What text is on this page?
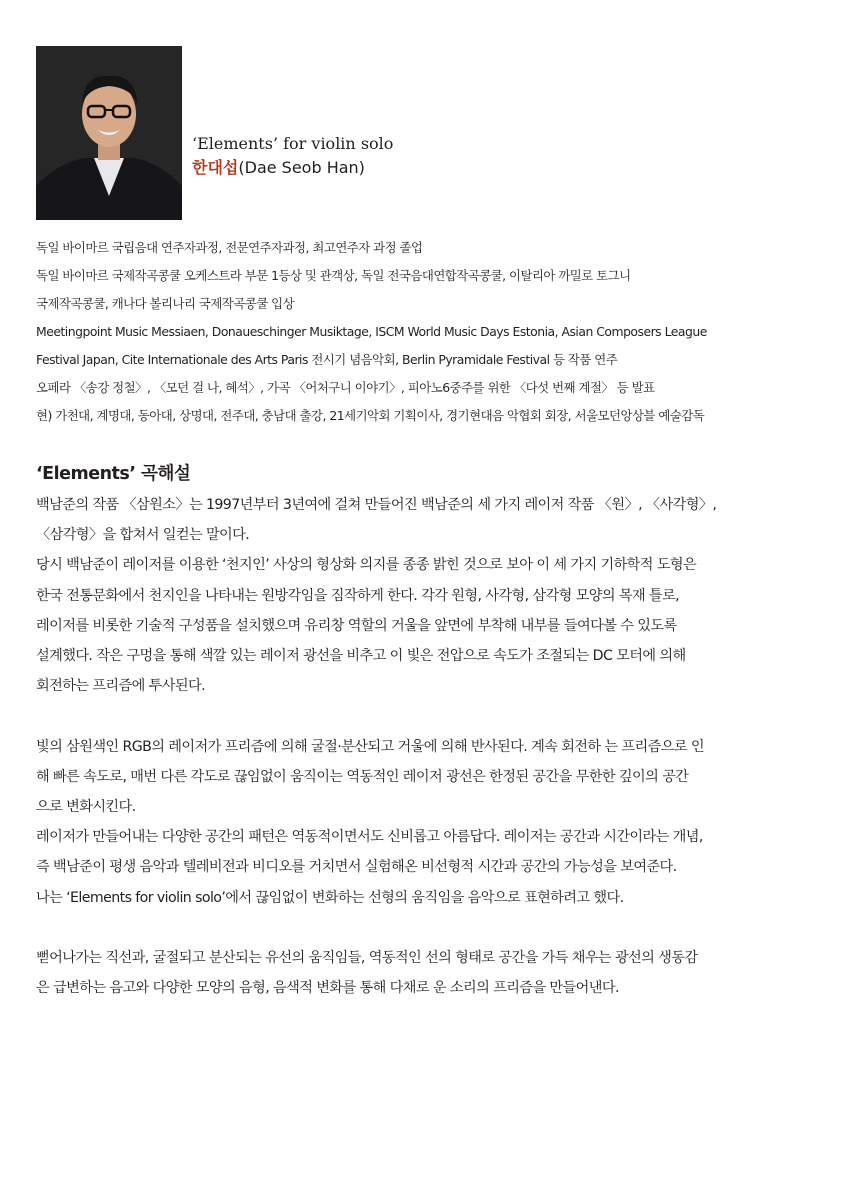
‘Elements’ for violin solo
한대섭(Dae Seob Han)
독일 바이마르 국립음대 연주자과정, 전문연주자과정, 최고연주자 과정 졸업
독일 바이마르 국제작곡콩쿨 오케스트라 부문 1등상 및 관객상, 독일 전국음대연합작곡콩쿨, 이탈리아 까밀로 토그니
국제작곡콩쿨, 캐나다 볼리나리 국제작곡콩쿨 입상
Meetingpoint Music Messiaen, Donaueschinger Musiktage, ISCM World Music Days Estonia, Asian Composers League
Festival Japan, Cite Internationale des Arts Paris 전시기 념음악회, Berlin Pyramidale Festival 등 작품 연주
오페라 〈송강 정철〉, 〈모던 걸 나, 혜석〉, 가곡 〈어처구니 이야기〉, 피아노6중주를 위한 〈다섯 번째 계절〉 등 발표
현) 가천대, 계명대, 동아대, 상명대, 전주대, 충남대 출강, 21세기악회 기획이사, 경기현대음 악협회 회장, 서울모던앙상블 예술감독
‘Elements’ 곡해설
백남준의 작품 〈삼원소〉는 1997년부터 3년여에 걸쳐 만들어진 백남준의 세 가지 레이저 작품 〈원〉, 〈사각형〉,
〈삼각형〉을 합쳐서 일컫는 말이다.
당시 백남준이 레이저를 이용한 ‘천지인’ 사상의 형상화 의지를 종종 밝힌 것으로 보아 이 세 가지 기하학적 도형은
한국 전통문화에서 천지인을 나타내는 원방각임을 짐작하게 한다. 각각 원형, 사각형, 삼각형 모양의 목재 틀로,
레이저를 비롯한 기술적 구성품을 설치했으며 유리창 역할의 거울을 앞면에 부착해 내부를 들여다볼 수 있도록
설계했다. 작은 구멍을 통해 색깔 있는 레이저 광선을 비추고 이 빛은 전압으로 속도가 조절되는 DC 모터에 의해
회전하는 프리즘에 투사된다.
빛의 삼원색인 RGB의 레이저가 프리즘에 의해 굴절·분산되고 거울에 의해 반사된다. 계속 회전하 는 프리즘으로 인
해 빠른 속도로, 매번 다른 각도로 끊임없이 움직이는 역동적인 레이저 광선은 한정된 공간을 무한한 깊이의 공간
으로 변화시킨다.
레이저가 만들어내는 다양한 공간의 패턴은 역동적이면서도 신비롭고 아름답다. 레이저는 공간과 시간이라는 개념,
즉 백남준이 평생 음악과 텔레비전과 비디오를 거치면서 실험해온 비선형적 시간과 공간의 가능성을 보여준다.
나는 ‘Elements for violin solo’에서 끊임없이 변화하는 선형의 움직임을 음악으로 표현하려고 했다.
뻗어나가는 직선과, 굴절되고 분산되는 유선의 움직임들, 역동적인 선의 형태로 공간을 가득 채우는 광선의 생동감
은 급변하는 음고와 다양한 모양의 음형, 음색적 변화를 통해 다채로 운 소리의 프리즘을 만들어낸다.
